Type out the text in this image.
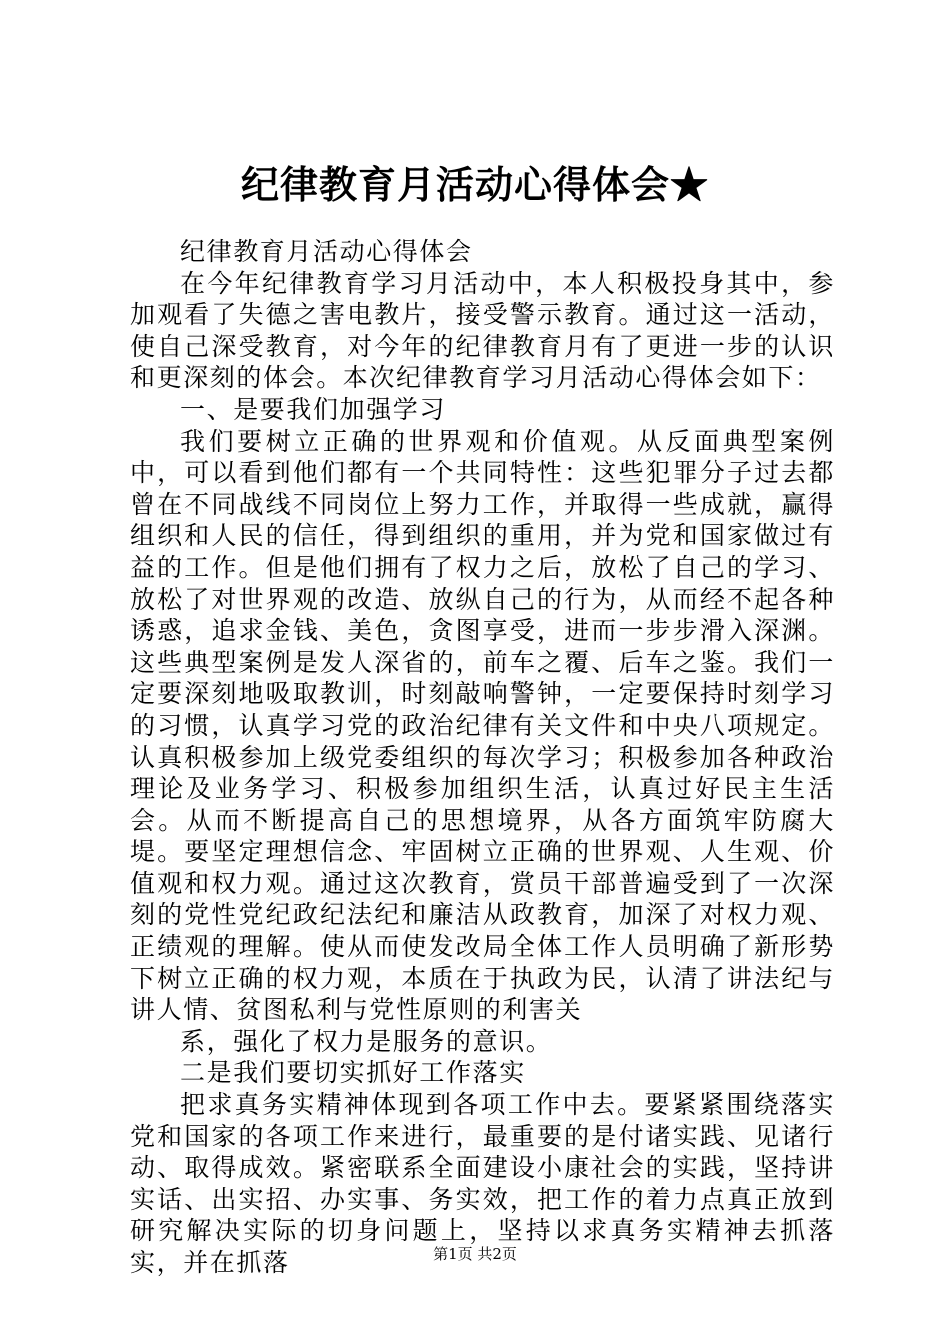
纪律教育月活动心得体会★

纪律教育月活动心得体会

在今年纪律教育学习月活动中，本人积极投身其中，参加观看了失德之害电教片，接受警示教育。通过这一活动，使自己深受教育，对今年的纪律教育月有了更进一步的认识和更深刻的体会。本次纪律教育学习月活动心得体会如下：

一、是要我们加强学习

我们要树立正确的世界观和价值观。从反面典型案例中，可以看到他们都有一个共同特性：这些犯罪分子过去都曾在不同战线不同岗位上努力工作，并取得一些成就，赢得组织和人民的信任，得到组织的重用，并为党和国家做过有益的工作。但是他们拥有了权力之后，放松了自己的学习、放松了对世界观的改造、放纵自己的行为，从而经不起各种诱惑，追求金钱、美色，贪图享受，进而一步步滑入深渊。这些典型案例是发人深省的，前车之覆、后车之鉴。我们一定要深刻地吸取教训，时刻敲响警钟，一定要保持时刻学习的习惯，认真学习党的政治纪律有关文件和中央八项规定。认真积极参加上级党委组织的每次学习；积极参加各种政治理论及业务学习、积极参加组织生活，认真过好民主生活会。从而不断提高自己的思想境界，从各方面筑牢防腐大堤。要坚定理想信念、牢固树立正确的世界观、人生观、价值观和权力观。通过这次教育，赏员干部普遍受到了一次深刻的党性党纪政纪法纪和廉洁从政教育，加深了对权力观、正绩观的理解。使从而使发改局全体工作人员明确了新形势下树立正确的权力观，本质在于执政为民，认清了讲法纪与讲人情、贫图私利与党性原则的利害关

系，强化了权力是服务的意识。

二是我们要切实抓好工作落实

把求真务实精神体现到各项工作中去。要紧紧围绕落实党和国家的各项工作来进行，最重要的是付诸实践、见诸行动、取得成效。紧密联系全面建设小康社会的实践，坚持讲实话、出实招、办实事、务实效，把工作的着力点真正放到研究解决实际的切身问题上，坚持以求真务实精神去抓落实，并在抓落	第1页 共2页
